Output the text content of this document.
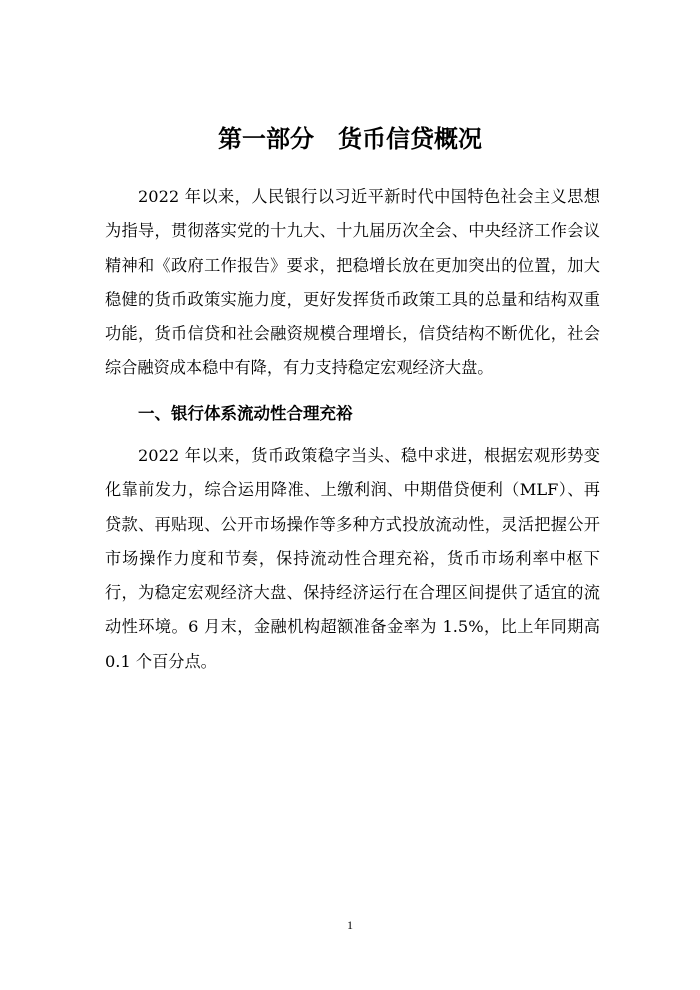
第一部分　货币信贷概况

2022 年以来，人民银行以习近平新时代中国特色社会主义思想为指导，贯彻落实党的十九大、十九届历次全会、中央经济工作会议精神和《政府工作报告》要求，把稳增长放在更加突出的位置，加大稳健的货币政策实施力度，更好发挥货币政策工具的总量和结构双重功能，货币信贷和社会融资规模合理增长，信贷结构不断优化，社会综合融资成本稳中有降，有力支持稳定宏观经济大盘。

一、银行体系流动性合理充裕

2022 年以来，货币政策稳字当头、稳中求进，根据宏观形势变化靠前发力，综合运用降准、上缴利润、中期借贷便利（MLF）、再贷款、再贴现、公开市场操作等多种方式投放流动性，灵活把握公开市场操作力度和节奏，保持流动性合理充裕，货币市场利率中枢下行，为稳定宏观经济大盘、保持经济运行在合理区间提供了适宜的流动性环境。6 月末，金融机构超额准备金率为 1.5%，比上年同期高 0.1 个百分点。

1
